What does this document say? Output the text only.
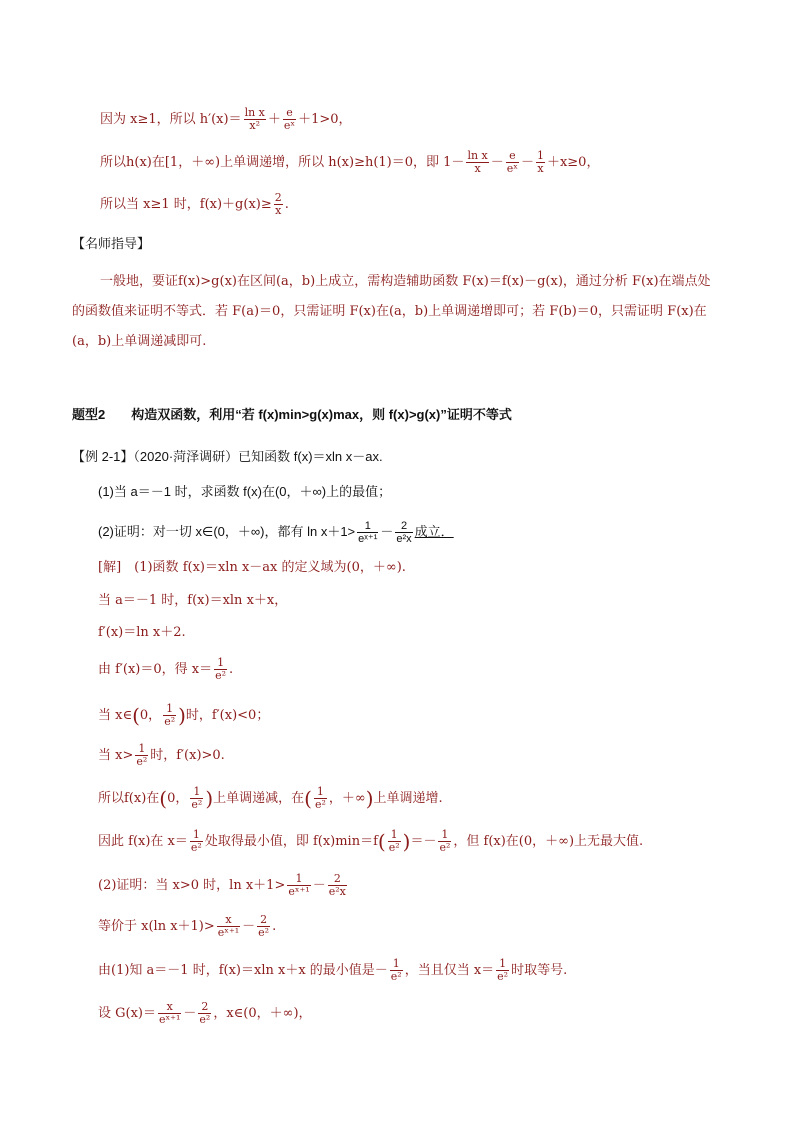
因为 x≥1，所以 $h'(x)= \frac{\text{ln x}}{\text{x²}} + \frac{e}{\text{eˣ}} +1>0$，
所以h(x)在[1，＋∞)上单调递增，所以 h(x)≥h(1)＝0，即 $1- \frac{\text{ln x}}{x} - \frac{e}{\text{eˣ}} - \frac{1}{x} +x\ge 0$，
所以当 x≥1 时，$f(x)+g(x)\ge \frac{2}{x}$ .
【名师指导】
一般地，要证f(x)>g(x)在区间(a，b)上成立，需构造辅助函数 F(x)＝f(x)－g(x)，通过分析 F(x)在端点处的函数值来证明不等式．若 F(a)＝0，只需证明 F(x)在(a，b)上单调递增即可；若 F(b)＝0，只需证明 F(x)在(a，b)上单调递减即可.
题型2　　构造双函数，利用“若 f(x)min>g(x)max，则 f(x)>g(x)”证明不等式
【例 2-1】（2020·菏泽调研）已知函数 f(x)＝xln x－ax.
(1)当 a＝－1 时，求函数 f(x)在(0，＋∞)上的最值；
(2)证明：对一切 x∈(0，＋∞)，都有 $\ln x+1> \frac{1}{\text{eˣ⁺¹}} - \frac{2}{\text{e²x}}$ 成立．
[解]　(1)函数 f(x)＝xln x－ax 的定义域为(0，＋∞).
当 a＝－1 时，f(x)＝xln x＋x，
f′(x)＝ln x＋2.
由 f′(x)＝0，得 $x= \frac{1}{\text{e²}}$ .
当 x∈(0， $\frac{1}{\text{e²}}$ )时，f′(x)<0；
当 $x> \frac{1}{\text{e²}}$ 时，f′(x)>0.
所以f(x)在(0， $\frac{1}{\text{e²}}$ )上单调递减，在( $\frac{1}{\text{e²}}$ ，＋∞)上单调递增.
因此 f(x)在 $x= \frac{1}{\text{e²}}$ 处取得最小值，即 $f(x)\min=f( \frac{1}{\text{e²}}$ )＝－ $\frac{1}{\text{e²}}$ ，但 f(x)在(0，＋∞)上无最大值.
(2)证明：当 x>0 时，$\ln x+1> \frac{1}{\text{eˣ⁺¹}} - \frac{2}{\text{e²x}}$
等价于 x(ln $x+1)> \frac{x}{\text{eˣ⁺¹}} - \frac{2}{\text{e²}}$ .
由(1)知 a＝－1 时，f(x)＝xln x＋x 的最小值是－ $\frac{1}{\text{e²}}$ ，当且仅当 $x= \frac{1}{\text{e²}}$ 时取等号.
设 $G(x)= \frac{x}{\text{eˣ⁺¹}} - \frac{2}{\text{e²}}$ ，x∈(0，＋∞)，
